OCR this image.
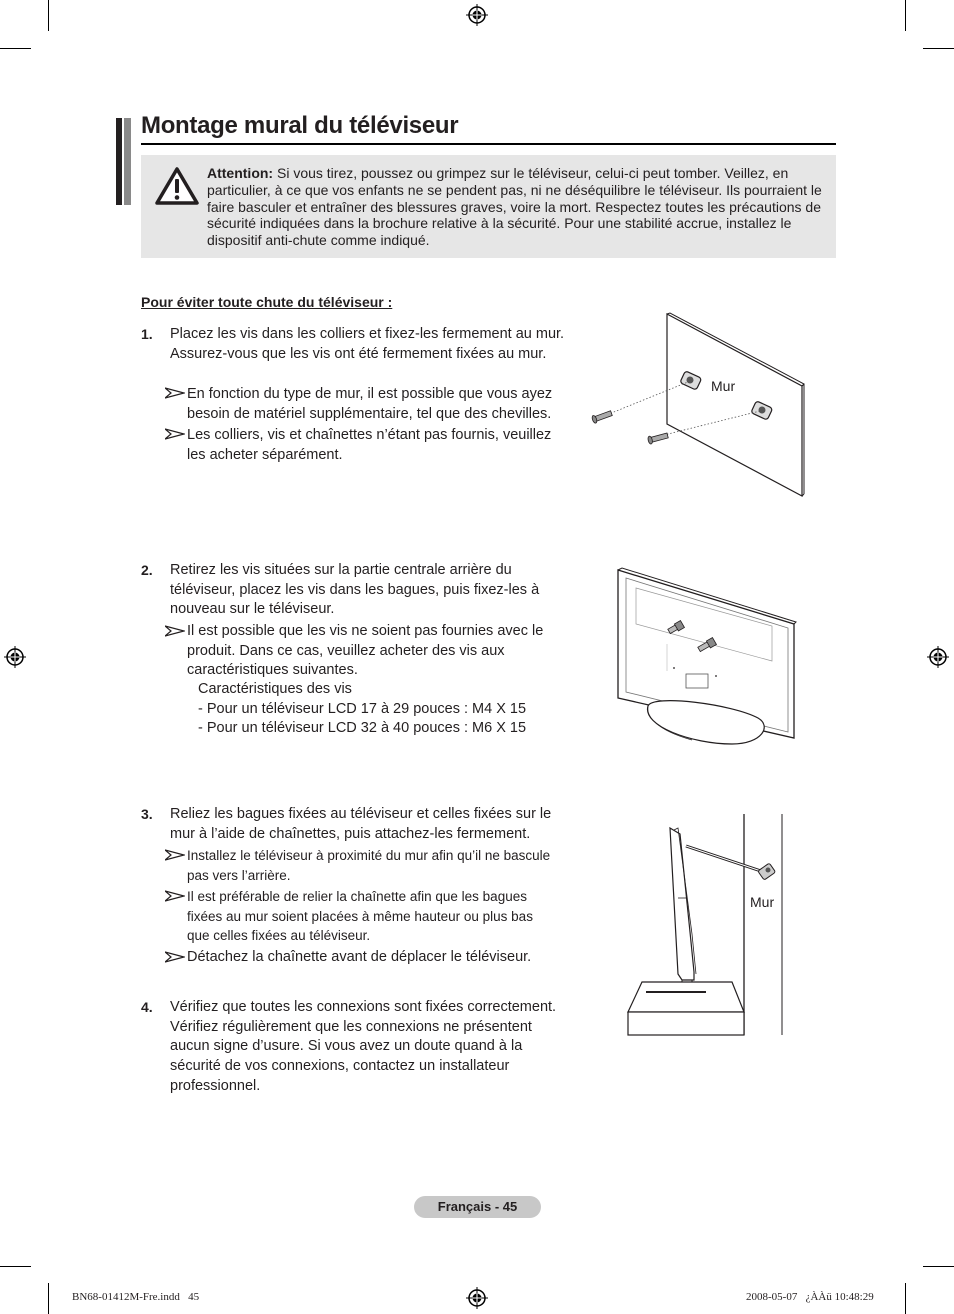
Montage mural du téléviseur
Attention: Si vous tirez, poussez ou grimpez sur le téléviseur, celui-ci peut tomber. Veillez, en particulier, à ce que vos enfants ne se pendent pas, ni ne déséquilibre le téléviseur. Ils pourraient le faire basculer et entraîner des blessures graves, voire la mort. Respectez toutes les précautions de sécurité indiquées dans la brochure relative à la sécurité. Pour une stabilité accrue, installez le dispositif anti-chute comme indiqué.
Pour éviter toute chute du téléviseur :
1. Placez les vis dans les colliers et fixez-les fermement au mur. Assurez-vous que les vis ont été fermement fixées au mur.
En fonction du type de mur, il est possible que vous ayez besoin de matériel supplémentaire, tel que des chevilles.
Les colliers, vis et chaînettes n’étant pas fournis, veuillez les acheter séparément.
Mur
2. Retirez les vis situées sur la partie centrale arrière du téléviseur, placez les vis dans les bagues, puis fixez-les à nouveau sur le téléviseur.
Il est possible que les vis ne soient pas fournies avec le produit. Dans ce cas, veuillez acheter des vis aux caractéristiques suivantes.
Caractéristiques des vis
- Pour un téléviseur LCD 17 à 29 pouces : M4 X 15
- Pour un téléviseur LCD 32 à 40 pouces : M6 X 15
3. Reliez les bagues fixées au téléviseur et celles fixées sur le mur à l’aide de chaînettes, puis attachez-les fermement.
Installez le téléviseur à proximité du mur afin qu’il ne bascule pas vers l’arrière.
Il est préférable de relier la chaînette afin que les bagues fixées au mur soient placées à même hauteur ou plus bas que celles fixées au téléviseur.
Détachez la chaînette avant de déplacer le téléviseur.
Mur
4. Vérifiez que toutes les connexions sont fixées correctement. Vérifiez régulièrement que les connexions ne présentent aucun signe d’usure. Si vous avez un doute quand à la sécurité de vos connexions, contactez un installateur professionnel.
Français - 45
BN68-01412M-Fre.indd   45	2008-05-07   ¿ÀÀü 10:48:29
